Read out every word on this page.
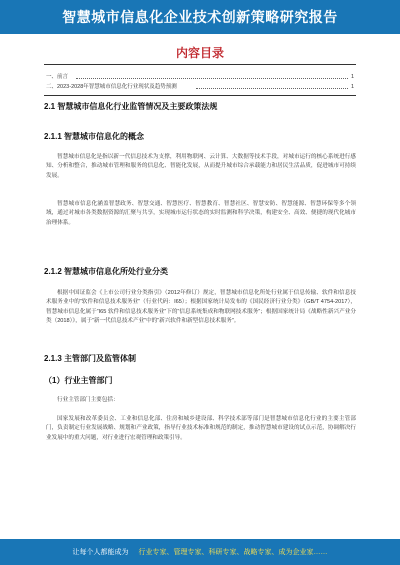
智慧城市信息化企业技术创新策略研究报告
内容目录
一、前言	1
二、2023-2028年智慧城市信息化行业现状及趋势预测	1
2.1 智慧城市信息化行业监管情况及主要政策法规
2.1.1 智慧城市信息化的概念
智慧城市信息化是指以新一代信息技术为支撑，利用物联网、云计算、大数据等技术手段，对城市运行的核心系统进行感知、分析和整合，推动城市管理和服务的信息化、智能化发展，从而提升城市综合承载能力和居民生活品质，促进城市可持续发展。
智慧城市信息化涵盖智慧政务、智慧交通、智慧医疗、智慧教育、智慧社区、智慧安防、智慧能源、智慧环保等多个领域，通过对城市各类数据资源的汇聚与共享，实现城市运行状态的实时监测和科学决策，构建安全、高效、便捷的现代化城市治理体系。
2.1.2 智慧城市信息化所处行业分类
根据中国证监会《上市公司行业分类指引》（2012年修订）规定，智慧城市信息化所处行业属于信息传输、软件和信息技术服务业中的“软件和信息技术服务业”（行业代码：I65）；根据国家统计局发布的《国民经济行业分类》（GB/T 4754-2017），智慧城市信息化属于“I65 软件和信息技术服务业”下的“信息系统集成和物联网技术服务”；根据国家统计局《战略性新兴产业分类（2018）》，属于“新一代信息技术产业”中的“新兴软件和新型信息技术服务”。
2.1.3 主管部门及监管体制
（1）行业主管部门
行业主管部门主要包括：
国家发展和改革委员会、工业和信息化部、住房和城乡建设部、科学技术部等部门是智慧城市信息化行业的主要主管部门，负责制定行业发展战略、规划和产业政策，指导行业技术标准和规范的制定，推动智慧城市建设的试点示范，协调解决行业发展中的重大问题，对行业进行宏观管理和政策引导。
让每个人都能成为 行业专家、管理专家、科研专家、战略专家、成为企业家……
